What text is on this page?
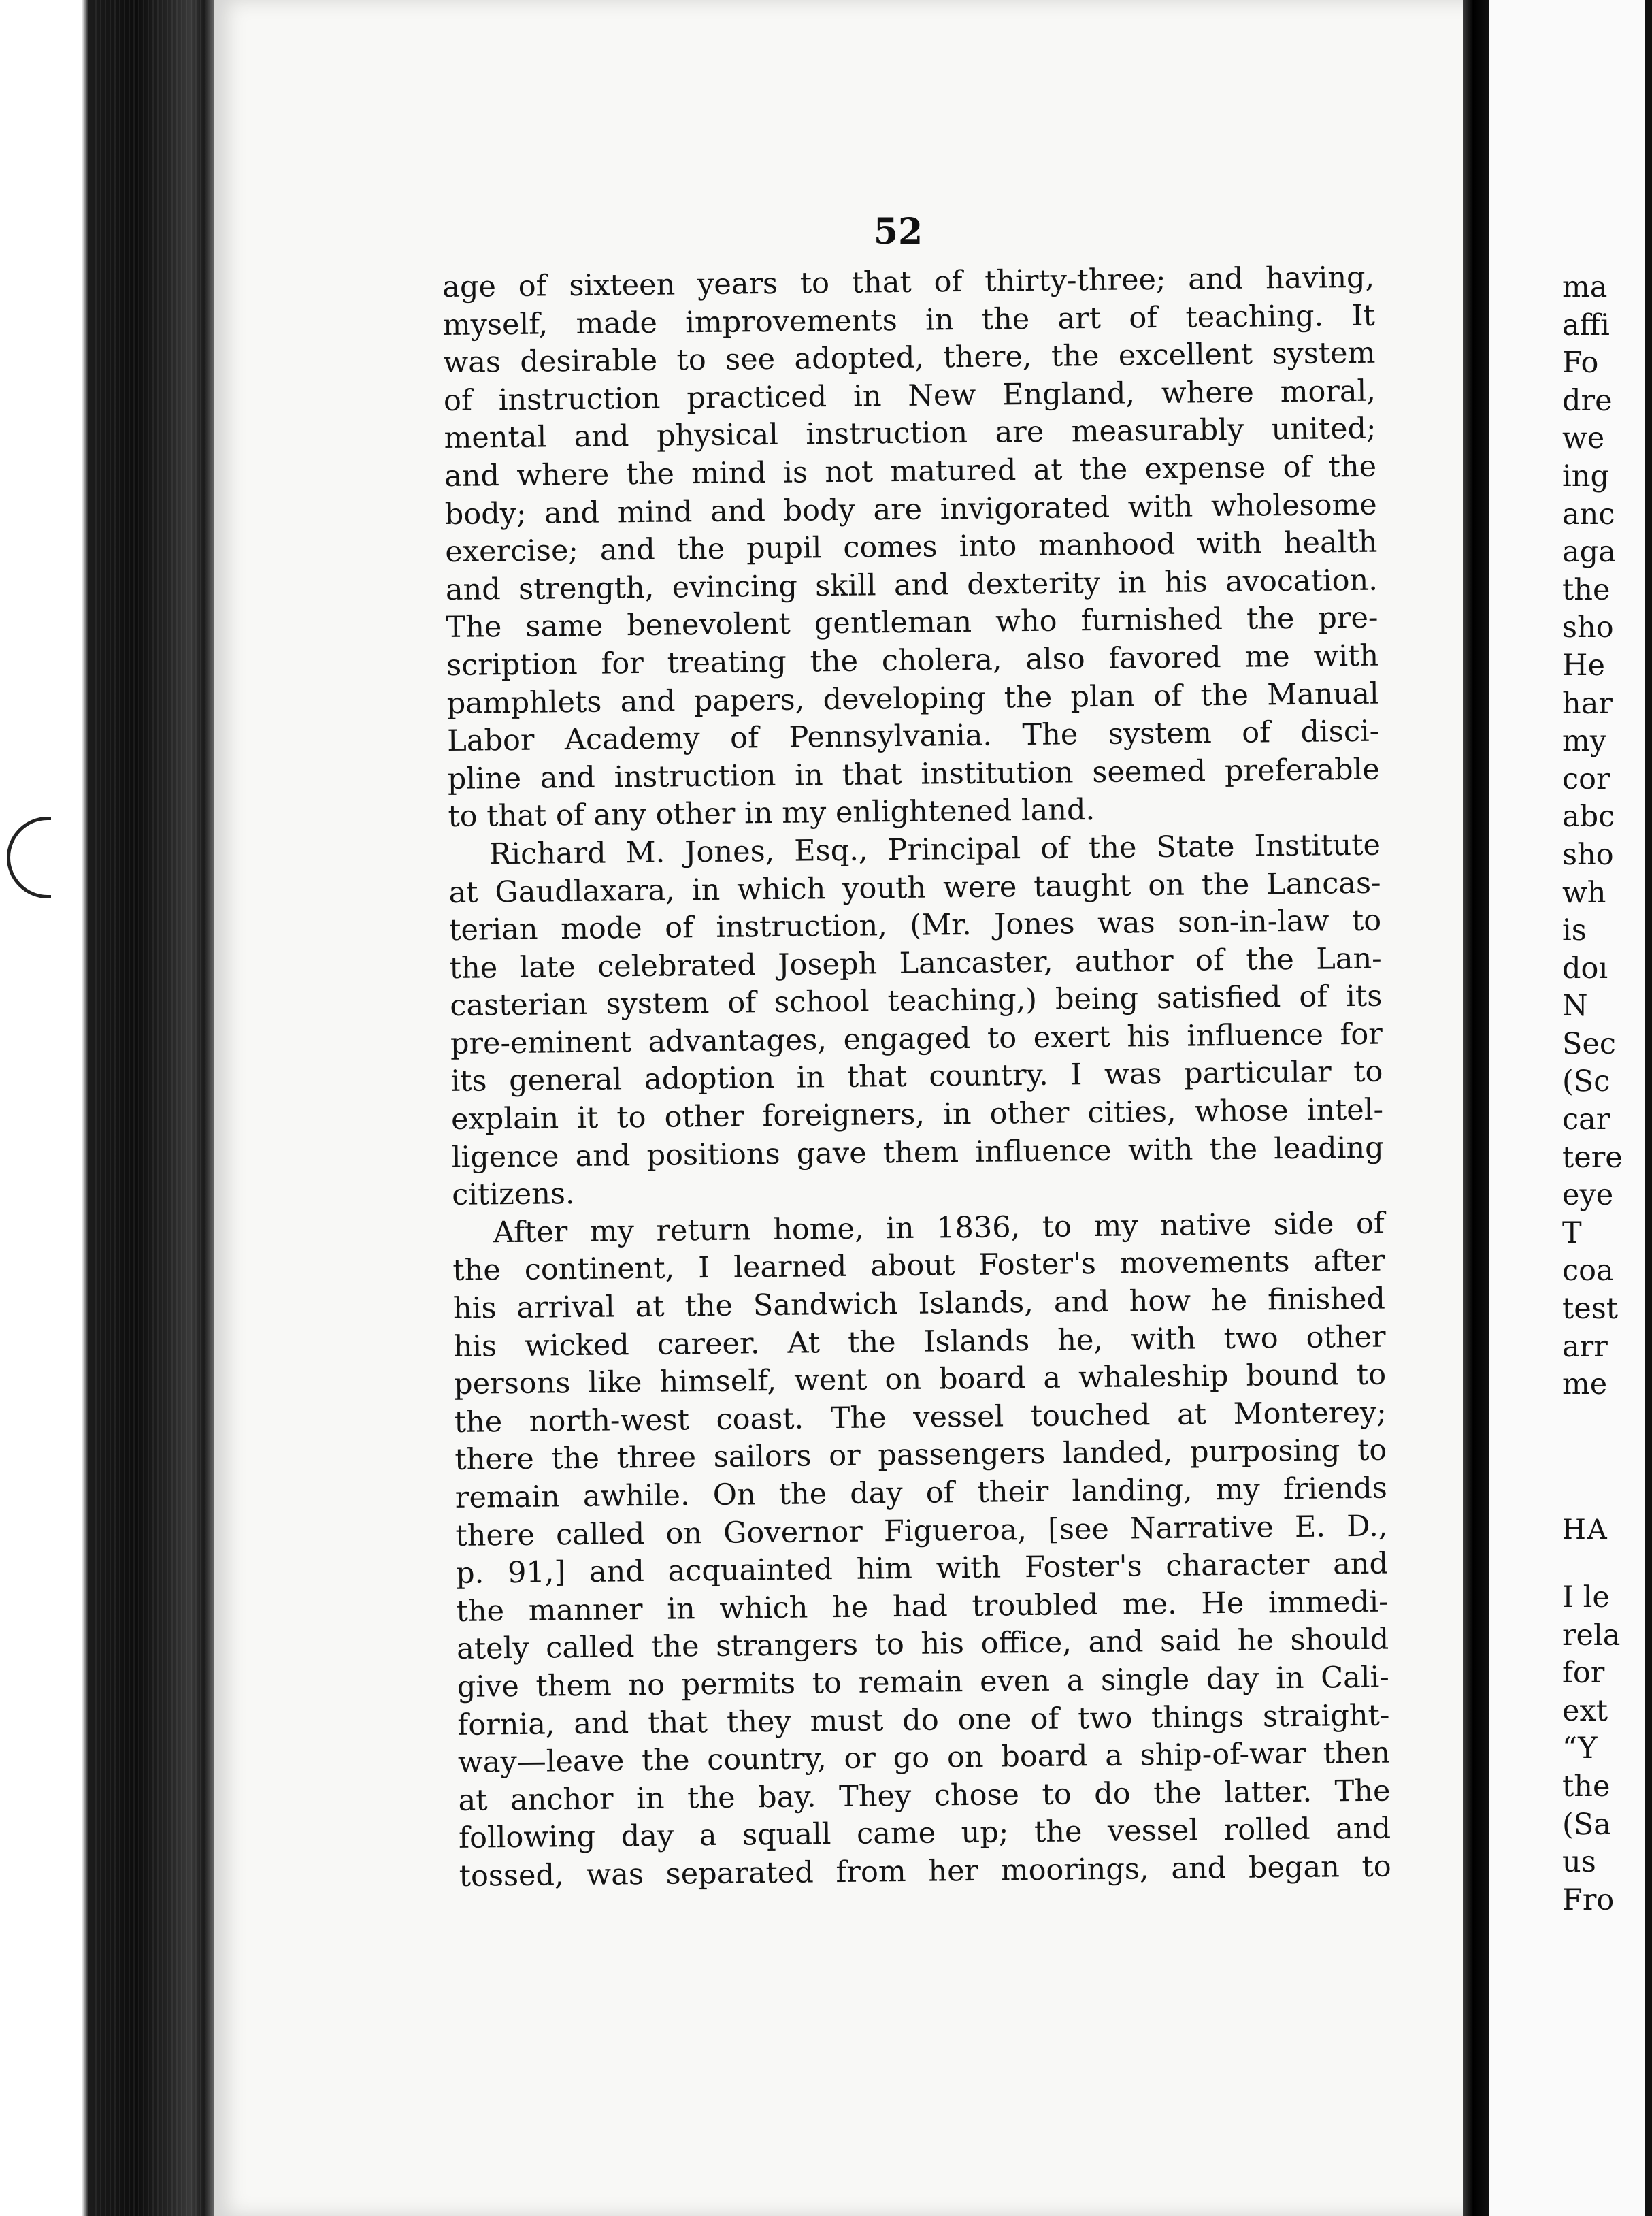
52

age of sixteen years to that of thirty-three; and having,
myself, made improvements in the art of teaching. It
was desirable to see adopted, there, the excellent system
of instruction practiced in New England, where moral,
mental and physical instruction are measurably united;
and where the mind is not matured at the expense of the
body; and mind and body are invigorated with wholesome
exercise; and the pupil comes into manhood with health
and strength, evincing skill and dexterity in his avocation.
The same benevolent gentleman who furnished the pre-
scription for treating the cholera, also favored me with
pamphlets and papers, developing the plan of the Manual
Labor Academy of Pennsylvania. The system of disci-
pline and instruction in that institution seemed preferable
to that of any other in my enlightened land.
Richard M. Jones, Esq., Principal of the State Institute
at Gaudlaxara, in which youth were taught on the Lancas-
terian mode of instruction, (Mr. Jones was son-in-law to
the late celebrated Joseph Lancaster, author of the Lan-
casterian system of school teaching,) being satisfied of its
pre-eminent advantages, engaged to exert his influence for
its general adoption in that country. I was particular to
explain it to other foreigners, in other cities, whose intel-
ligence and positions gave them influence with the leading
citizens.
After my return home, in 1836, to my native side of
the continent, I learned about Foster's movements after
his arrival at the Sandwich Islands, and how he finished
his wicked career. At the Islands he, with two other
persons like himself, went on board a whaleship bound to
the north-west coast. The vessel touched at Monterey;
there the three sailors or passengers landed, purposing to
remain awhile. On the day of their landing, my friends
there called on Governor Figueroa, [see Narrative E. D.,
p. 91,] and acquainted him with Foster's character and
the manner in which he had troubled me. He immedi-
ately called the strangers to his office, and said he should
give them no permits to remain even a single day in Cali-
fornia, and that they must do one of two things straight-
way—leave the country, or go on board a ship-of-war then
at anchor in the bay. They chose to do the latter. The
following day a squall came up; the vessel rolled and
tossed, was separated from her moorings, and began to
ma
affi
Fo
dre
we
ing
anc
aga
the
sho
He
har
my
cor
abc
sho
wh
is
doı
N
Sec
(Sc
car
tere
eye
T
coa
test
arr
me
HA
I le
rela
for
ext
“Y
the
(Sa
us
Fro
